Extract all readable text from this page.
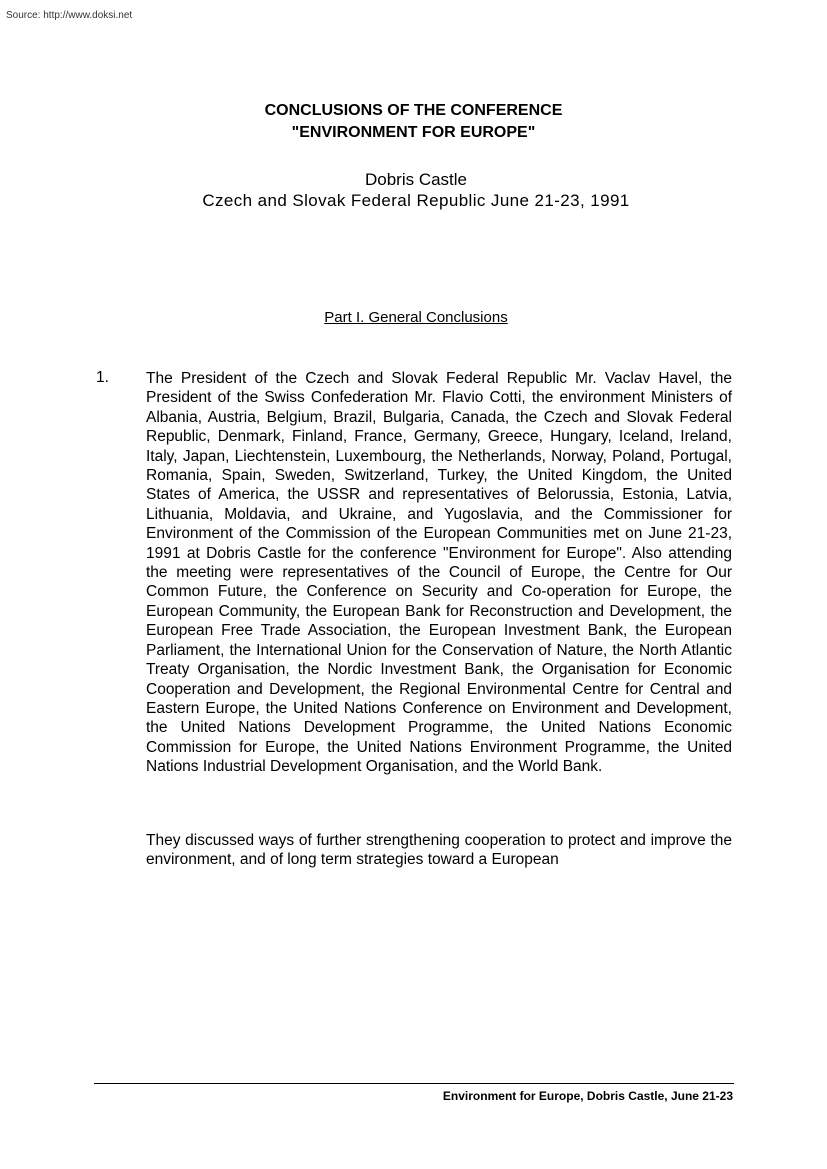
Source: http://www.doksi.net
CONCLUSIONS OF THE CONFERENCE
"ENVIRONMENT FOR EUROPE"
Dobris Castle
Czech and Slovak Federal Republic June 21-23, 1991
Part I. General Conclusions
1. The President of the Czech and Slovak Federal Republic Mr. Vaclav Havel, the President of the Swiss Confederation Mr. Flavio Cotti, the environment Ministers of Albania, Austria, Belgium, Brazil, Bulgaria, Canada, the Czech and Slovak Federal Republic, Denmark, Finland, France, Germany, Greece, Hungary, Iceland, Ireland, Italy, Japan, Liechtenstein, Luxembourg, the Netherlands, Norway, Poland, Portugal, Romania, Spain, Sweden, Switzerland, Turkey, the United Kingdom, the United States of America, the USSR and representatives of Belorussia, Estonia, Latvia, Lithuania, Moldavia, and Ukraine, and Yugoslavia, and the Commissioner for Environment of the Commission of the European Communities met on June 21-23, 1991 at Dobris Castle for the conference "Environment for Europe". Also attending the meeting were representatives of the Council of Europe, the Centre for Our Common Future, the Conference on Security and Co-operation for Europe, the European Community, the European Bank for Reconstruction and Development, the European Free Trade Association, the European Investment Bank, the European Parliament, the International Union for the Conservation of Nature, the North Atlantic Treaty Organisation, the Nordic Investment Bank, the Organisation for Economic Cooperation and Development, the Regional Environmental Centre for Central and Eastern Europe, the United Nations Conference on Environment and Development, the United Nations Development Programme, the United Nations Economic Commission for Europe, the United Nations Environment Programme, the United Nations Industrial Development Organisation, and the World Bank.

They discussed ways of further strengthening cooperation to protect and improve the environment, and of long term strategies toward a European

Environment for Europe, Dobris Castle, June 21-23
